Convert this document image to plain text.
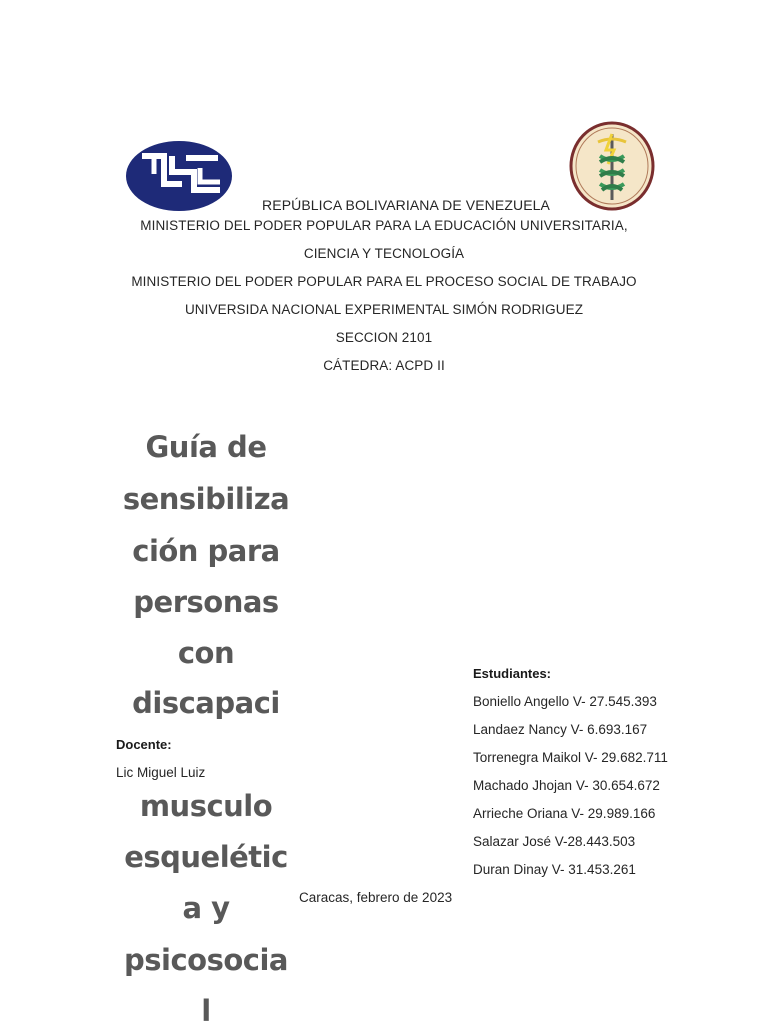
REPÚBLICA BOLIVARIANA DE VENEZUELA
MINISTERIO DEL PODER POPULAR PARA LA EDUCACIÓN UNIVERSITARIA,
CIENCIA Y TECNOLOGÍA
MINISTERIO DEL PODER POPULAR PARA EL PROCESO SOCIAL DE TRABAJO
UNIVERSIDA NACIONAL EXPERIMENTAL SIMÓN RODRIGUEZ
SECCION 2101
CÁTEDRA: ACPD II
Guía de
sensibiliza
ción para
personas
con
discapaci
musculo
esquelétic
a y
psicosocia
l
Docente:
Lic Miguel Luiz
Estudiantes:
Boniello Angello V- 27.545.393
Landaez Nancy V- 6.693.167
Torrenegra Maikol V- 29.682.711
Machado Jhojan V- 30.654.672
Arrieche Oriana V- 29.989.166
Salazar José V-28.443.503
Duran Dinay V- 31.453.261
Caracas, febrero de 2023
